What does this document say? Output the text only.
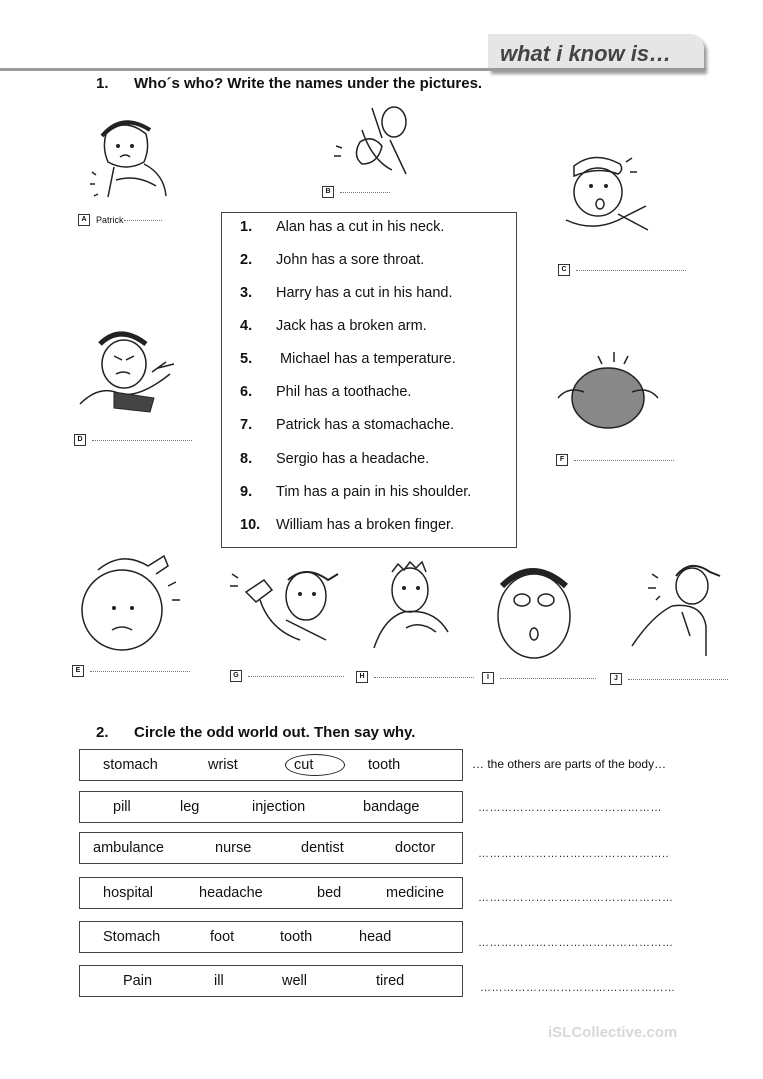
what i know is…
1. Who´s who? Write the names under the pictures.
1. Alan has a cut in his neck.
2. John has a sore throat.
3. Harry has a cut in his hand.
4. Jack has a broken arm.
5. Michael has a temperature.
6. Phil has a toothache.
7. Patrick has a stomachache.
8. Sergio has a headache.
9. Tim has a pain in his shoulder.
10. William has a broken finger.
A	Patrick
B
C
D
F
E
G	H	I	J
2. Circle the odd world out. Then say why.
stomach	wrist	cut	tooth
pill	leg	injection	bandage
ambulance	nurse	dentist	doctor
hospital	headache	bed	medicine
Stomach	foot	tooth	head
Pain	ill	well	tired
… the others are parts of the body…
…………………………………………
…………………………………………..
……………………………………………
……………………………………………
……………………………………………
iSLCollective.com
